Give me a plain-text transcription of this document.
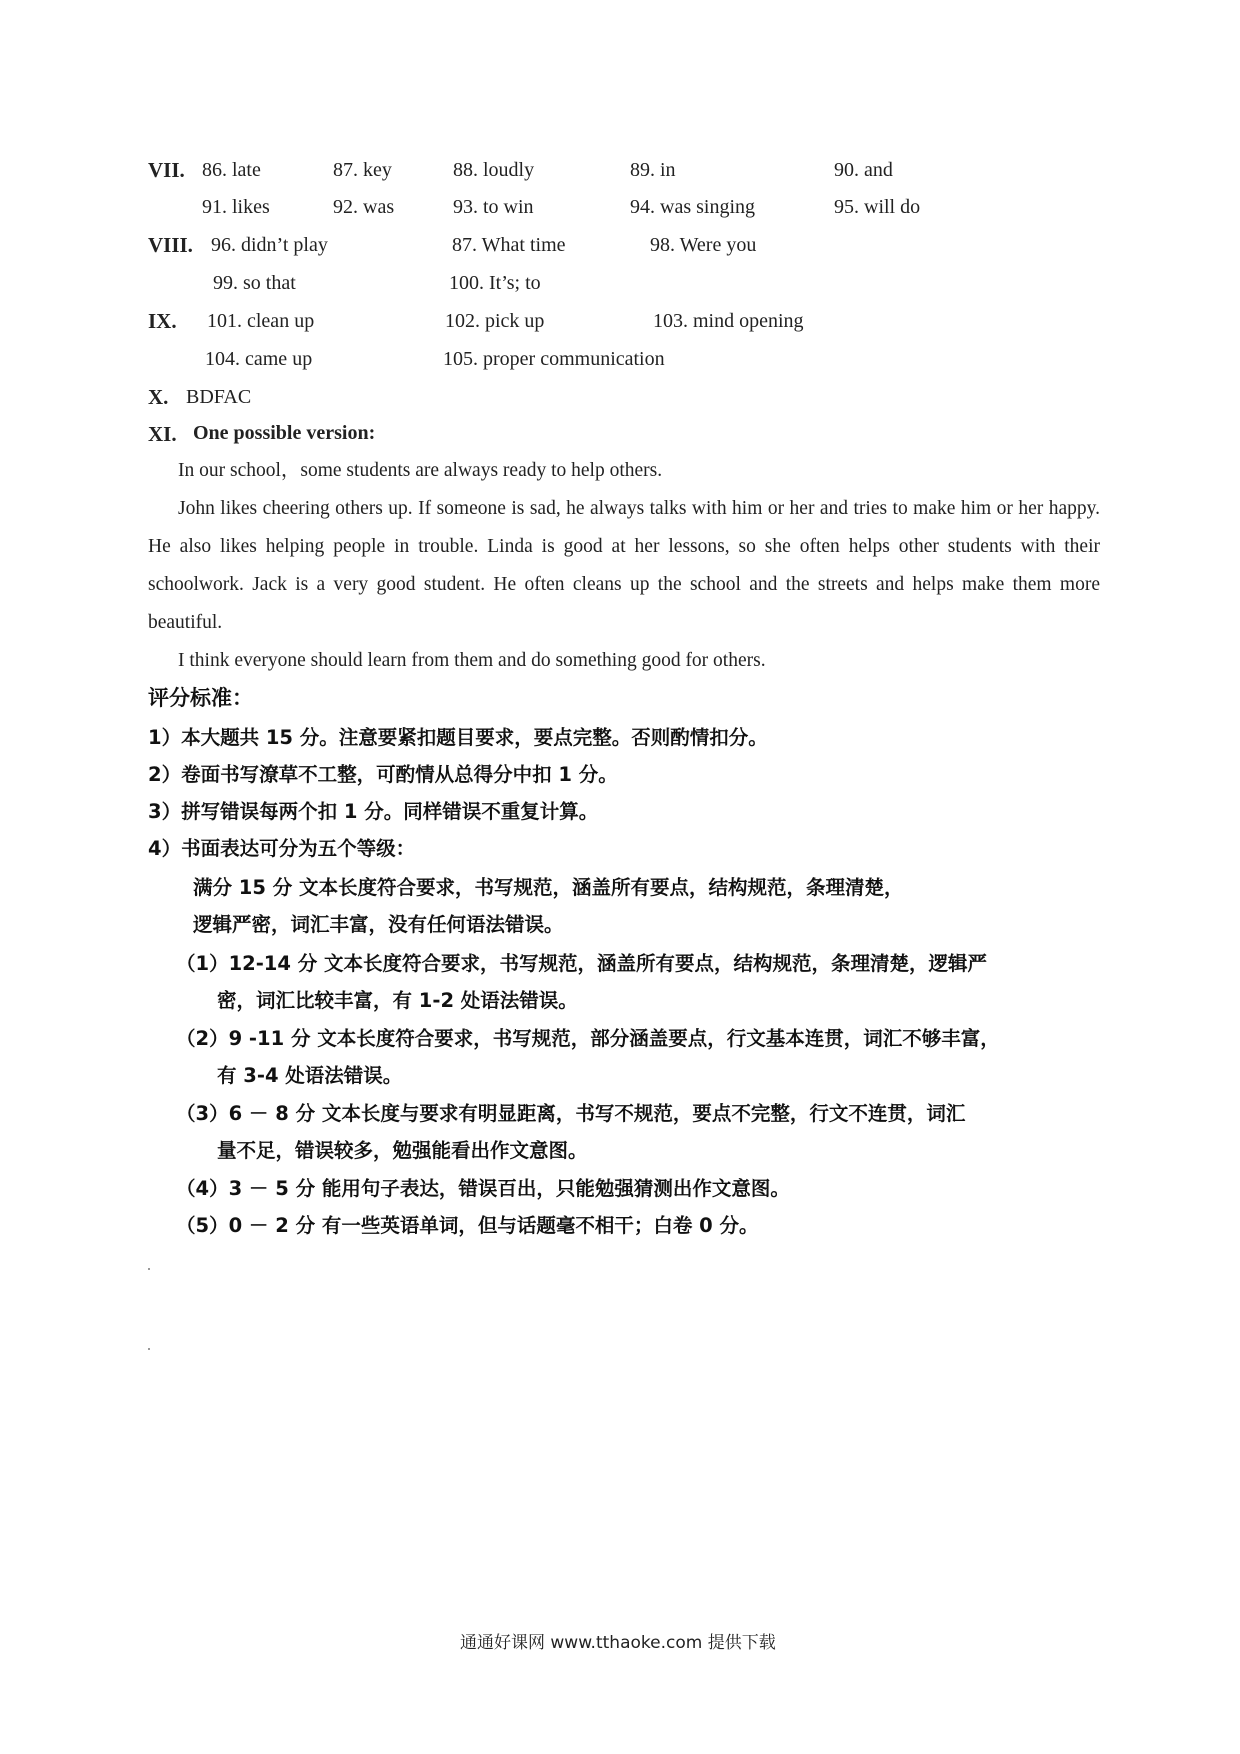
VII. 86. late	87. key	88. loudly	89. in	90. and
91. likes	92. was	93. to win	94. was singing	95. will do
VIII. 96. didn’t play	87. What time	98. Were you
99. so that	100. It’s; to
IX. 101. clean up	102. pick up	103. mind opening
104. came up	105. proper communication
X. BDFAC
XI. One possible version:

In our school，some students are always ready to help others.

John likes cheering others up. If someone is sad, he always talks with him or her and tries to make him or her happy. He also likes helping people in trouble. Linda is good at her lessons, so she often helps other students with their schoolwork. Jack is a very good student. He often cleans up the school and the streets and helps make them more beautiful.

I think everyone should learn from them and do something good for others.

评分标准：
1）本大题共 15 分。注意要紧扣题目要求，要点完整。否则酌情扣分。
2）卷面书写潦草不工整，可酌情从总得分中扣 1 分。
3）拼写错误每两个扣 1 分。同样错误不重复计算。
4）书面表达可分为五个等级：
满分 15 分 文本长度符合要求，书写规范，涵盖所有要点，结构规范，条理清楚，
逻辑严密，词汇丰富，没有任何语法错误。
（1）12-14 分 文本长度符合要求，书写规范，涵盖所有要点，结构规范，条理清楚，逻辑严
密，词汇比较丰富，有 1-2 处语法错误。
（2）9 -11 分 文本长度符合要求，书写规范，部分涵盖要点，行文基本连贯，词汇不够丰富，
有 3-4 处语法错误。
（3）6 － 8 分 文本长度与要求有明显距离，书写不规范，要点不完整，行文不连贯，词汇
量不足，错误较多，勉强能看出作文意图。
（4）3 － 5 分 能用句子表达，错误百出，只能勉强猜测出作文意图。
（5）0 － 2 分 有一些英语单词，但与话题毫不相干；白卷 0 分。
通通好课网 www.tthaoke.com 提供下载
